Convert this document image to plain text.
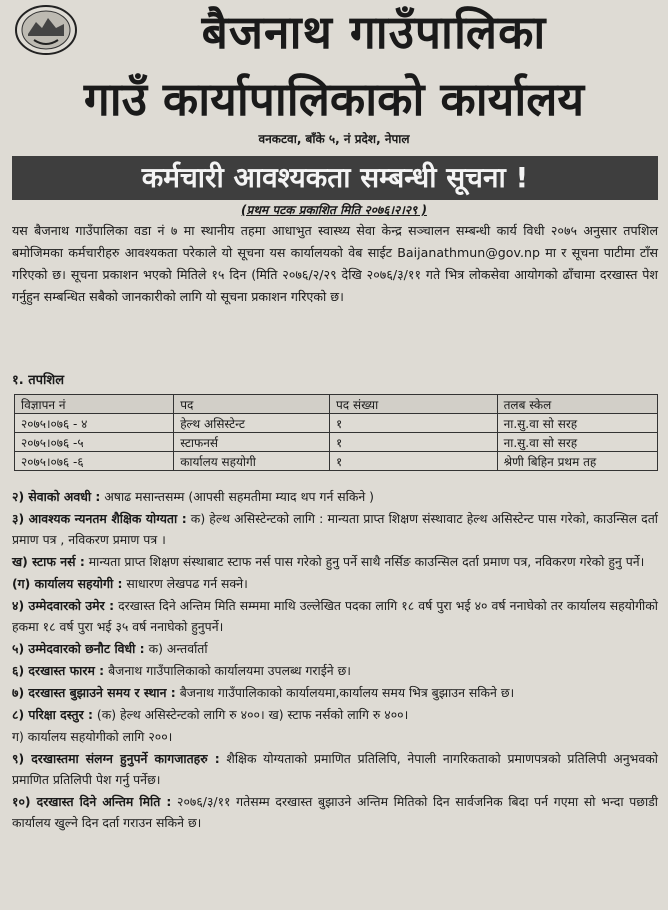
बैजनाथ गाउँपालिका
गाउँ कार्यापालिकाको कार्यालय
वनकटवा, बाँके ५, नं प्रदेश, नेपाल
कर्मचारी आवश्यकता सम्बन्धी सूचना !
(प्रथम पटक प्रकाशित मिति २०७६।२।२९ )
यस बैजनाथ गाउँपालिका वडा नं ७ मा स्थानीय तहमा आधाभुत स्वास्थ्य सेवा केन्द्र सञ्चालन सम्बन्धी कार्य विधी २०७५ अनुसार तपशिल बमोजिमका कर्मचारीहरु आवश्यकता परेकाले यो सूचना यस कार्यालयको वेब साईट Baijanathmun@gov.np मा र सूचना पाटीमा टाँस गरिएको छ। सूचना प्रकाशन भएको मितिले १५ दिन (मिति २०७६/२/२९ देखि २०७६/३/११ गते भित्र लोकसेवा आयोगको ढाँचामा दरखास्त पेश गर्नुहुन सम्बन्धित सबैको जानकारीको लागि यो सूचना प्रकाशन गरिएको छ।
१. तपशिल
विज्ञापन नं	पद	पद संख्या	तलब स्केल
२०७५।०७६ - ४	हेल्थ असिस्टेन्ट	१	ना.सु.वा सो सरह
२०७५।०७६ -५	स्टाफनर्स	१	ना.सु.वा सो सरह
२०७५।०७६ -६	कार्यालय सहयोगी	१	श्रेणी बिहिन प्रथम तह

२) सेवाको अवधी : अषाढ मसान्तसम्म (आपसी सहमतीमा म्याद थप गर्न सकिने )

३) आवश्यक न्यनतम शैक्षिक योग्यता : क) हेल्थ असिस्टेन्टको लागि : मान्यता प्राप्त शिक्षण संस्थावाट हेल्थ असिस्टेन्ट पास गरेको, काउन्सिल दर्ता प्रमाण पत्र , नविकरण प्रमाण पत्र ।

ख) स्टाफ नर्स : मान्यता प्राप्त शिक्षण संस्थाबाट स्टाफ नर्स पास गरेको हुनु पर्ने साथै नर्सिङ काउन्सिल दर्ता प्रमाण पत्र, नविकरण गरेको हुनु पर्ने।

(ग) कार्यालय सहयोगी : साधारण लेखपढ गर्न सक्ने।

४) उम्मेदवारको उमेर : दरखास्त दिने अन्तिम मिति सम्ममा माथि उल्लेखित पदका लागि १८ वर्ष पुरा भई ४० वर्ष ननाघेको तर कार्यालय सहयोगीको हकमा १८ वर्ष पुरा भई ३५ वर्ष ननाघेको हुनुपर्ने।

५) उम्मेदवारको छनौट विधी : क) अन्तर्वार्ता

६) दरखास्त फारम : बैजनाथ गाउँपालिकाको कार्यालयमा उपलब्ध गराईने छ।

७) दरखास्त बुझाउने समय र स्थान : बैजनाथ गाउँपालिकाको कार्यालयमा,कार्यालय समय भित्र बुझाउन सकिने छ।

८) परिक्षा दस्तुर : (क) हेल्थ असिस्टेन्टको लागि रु ४००। ख) स्टाफ नर्सको लागि रु ४००।

ग) कार्यालय सहयोगीको लागि २००।

९) दरखास्तमा संलग्न हुनुपर्ने कागजातहरु : शैक्षिक योग्यताको प्रमाणित प्रतिलिपि, नेपाली नागरिकताको प्रमाणपत्रको प्रतिलिपी अनुभवको प्रमाणित प्रतिलिपी पेश गर्नु पर्नेछ।

१०) दरखास्त दिने अन्तिम मिति : २०७६/३/११ गतेसम्म दरखास्त बुझाउने अन्तिम मितिको दिन सार्वजनिक बिदा पर्न गएमा सो भन्दा पछाडी कार्यालय खुल्ने दिन दर्ता गराउन सकिने छ।
